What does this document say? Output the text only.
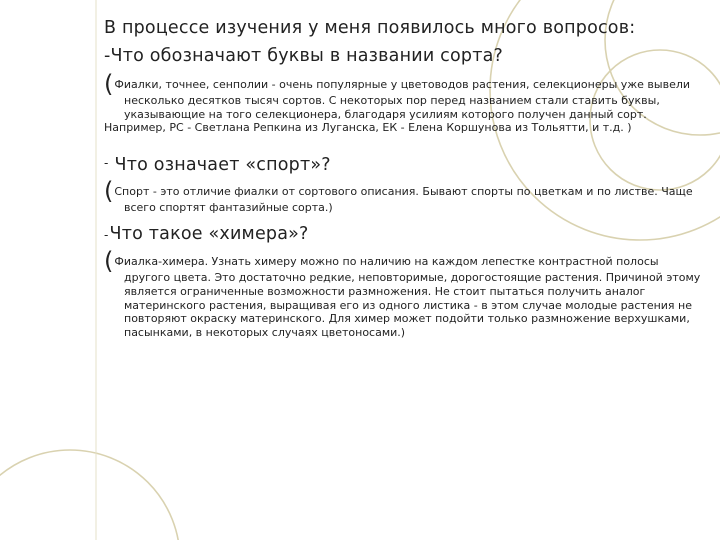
В процессе изучения у меня появилось много вопросов:

-Что обозначают буквы в названии сорта?

(Фиалки, точнее, сенполии - очень популярные у цветоводов растения, селекционеры уже вывели несколько десятков тысяч сортов. С некоторых пор перед названием стали ставить буквы, указывающие на того селекционера, благодаря усилиям которого получен данный сорт.

Например, РС - Светлана Репкина из Луганска, ЕК - Елена Коршунова из Тольятти, и т.д. )

- Что означает «спорт»?

(Спорт - это отличие фиалки от сортового описания. Бывают спорты по цветкам и по листве. Чаще всего спортят фантазийные сорта.)

-Что такое «химера»?

(Фиалка-химера. Узнать химеру можно по наличию на каждом лепестке контрастной полосы другого цвета. Это достаточно редкие, неповторимые, дорогостоящие растения. Причиной этому является ограниченные возможности размножения. Не стоит пытаться получить аналог материнского растения, выращивая его из одного листика - в этом случае молодые растения не повторяют окраску материнского. Для химер может подойти только размножение верхушками, пасынками, в некоторых случаях цветоносами.)
